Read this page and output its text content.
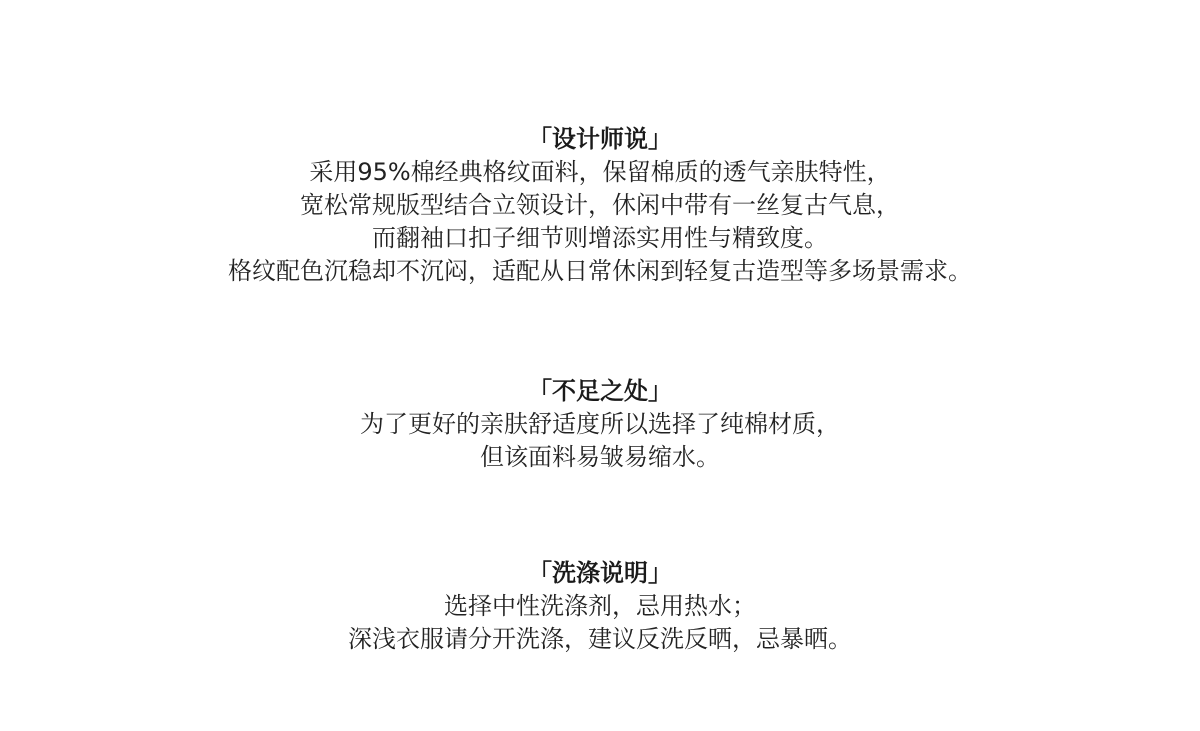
「设计师说」
采用95%棉经典格纹面料，保留棉质的透气亲肤特性，
宽松常规版型结合立领设计，休闲中带有一丝复古气息，
而翻袖口扣子细节则增添实用性与精致度。
格纹配色沉稳却不沉闷，适配从日常休闲到轻复古造型等多场景需求。
「不足之处」
为了更好的亲肤舒适度所以选择了纯棉材质，
但该面料易皱易缩水。
「洗涤说明」
选择中性洗涤剂，忌用热水；
深浅衣服请分开洗涤，建议反洗反晒，忌暴晒。
